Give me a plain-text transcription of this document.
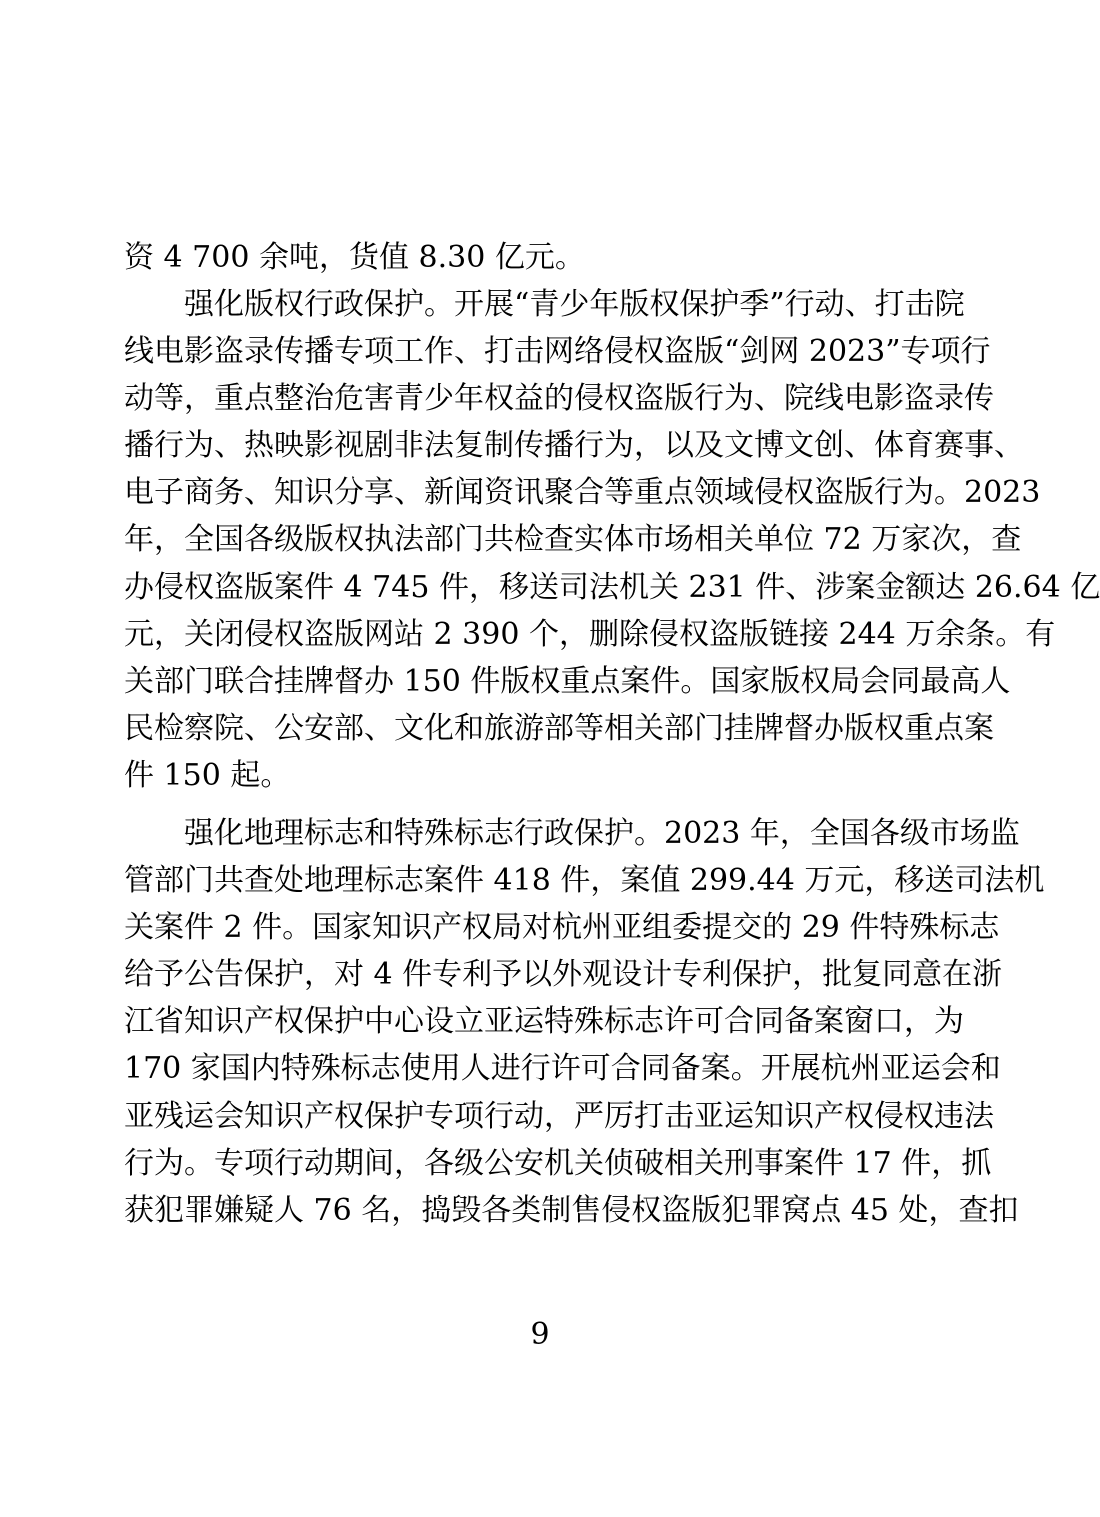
资 4 700 余吨，货值 8.30 亿元。
强化版权行政保护。开展“青少年版权保护季”行动、打击院
线电影盗录传播专项工作、打击网络侵权盗版“剑网 2023”专项行
动等，重点整治危害青少年权益的侵权盗版行为、院线电影盗录传
播行为、热映影视剧非法复制传播行为，以及文博文创、体育赛事、
电子商务、知识分享、新闻资讯聚合等重点领域侵权盗版行为。2023
年，全国各级版权执法部门共检查实体市场相关单位 72 万家次，查
办侵权盗版案件 4 745 件，移送司法机关 231 件、涉案金额达 26.64 亿
元，关闭侵权盗版网站 2 390 个，删除侵权盗版链接 244 万余条。有
关部门联合挂牌督办 150 件版权重点案件。国家版权局会同最高人
民检察院、公安部、文化和旅游部等相关部门挂牌督办版权重点案
件 150 起。
强化地理标志和特殊标志行政保护。2023 年，全国各级市场监
管部门共查处地理标志案件 418 件，案值 299.44 万元，移送司法机
关案件 2 件。国家知识产权局对杭州亚组委提交的 29 件特殊标志
给予公告保护，对 4 件专利予以外观设计专利保护，批复同意在浙
江省知识产权保护中心设立亚运特殊标志许可合同备案窗口，为
170 家国内特殊标志使用人进行许可合同备案。开展杭州亚运会和
亚残运会知识产权保护专项行动，严厉打击亚运知识产权侵权违法
行为。专项行动期间，各级公安机关侦破相关刑事案件 17 件，抓
获犯罪嫌疑人 76 名，捣毁各类制售侵权盗版犯罪窝点 45 处，查扣
9
